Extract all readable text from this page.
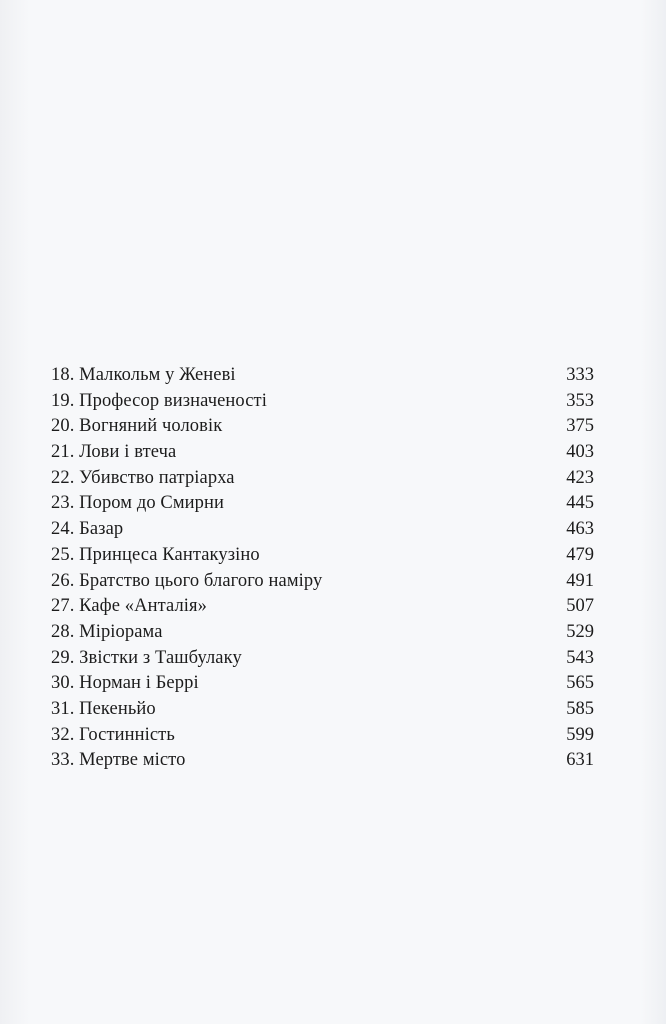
18. Малкольм у Женеві	333
19. Професор визначеності	353
20. Вогняний чоловік	375
21. Лови і втеча	403
22. Убивство патріарха	423
23. Пором до Смирни	445
24. Базар	463
25. Принцеса Кантакузіно	479
26. Братство цього благого наміру	491
27. Кафе «Анталія»	507
28. Міріорама	529
29. Звістки з Ташбулаку	543
30. Норман і Беррі	565
31. Пекеньйо	585
32. Гостинність	599
33. Мертве місто	631
